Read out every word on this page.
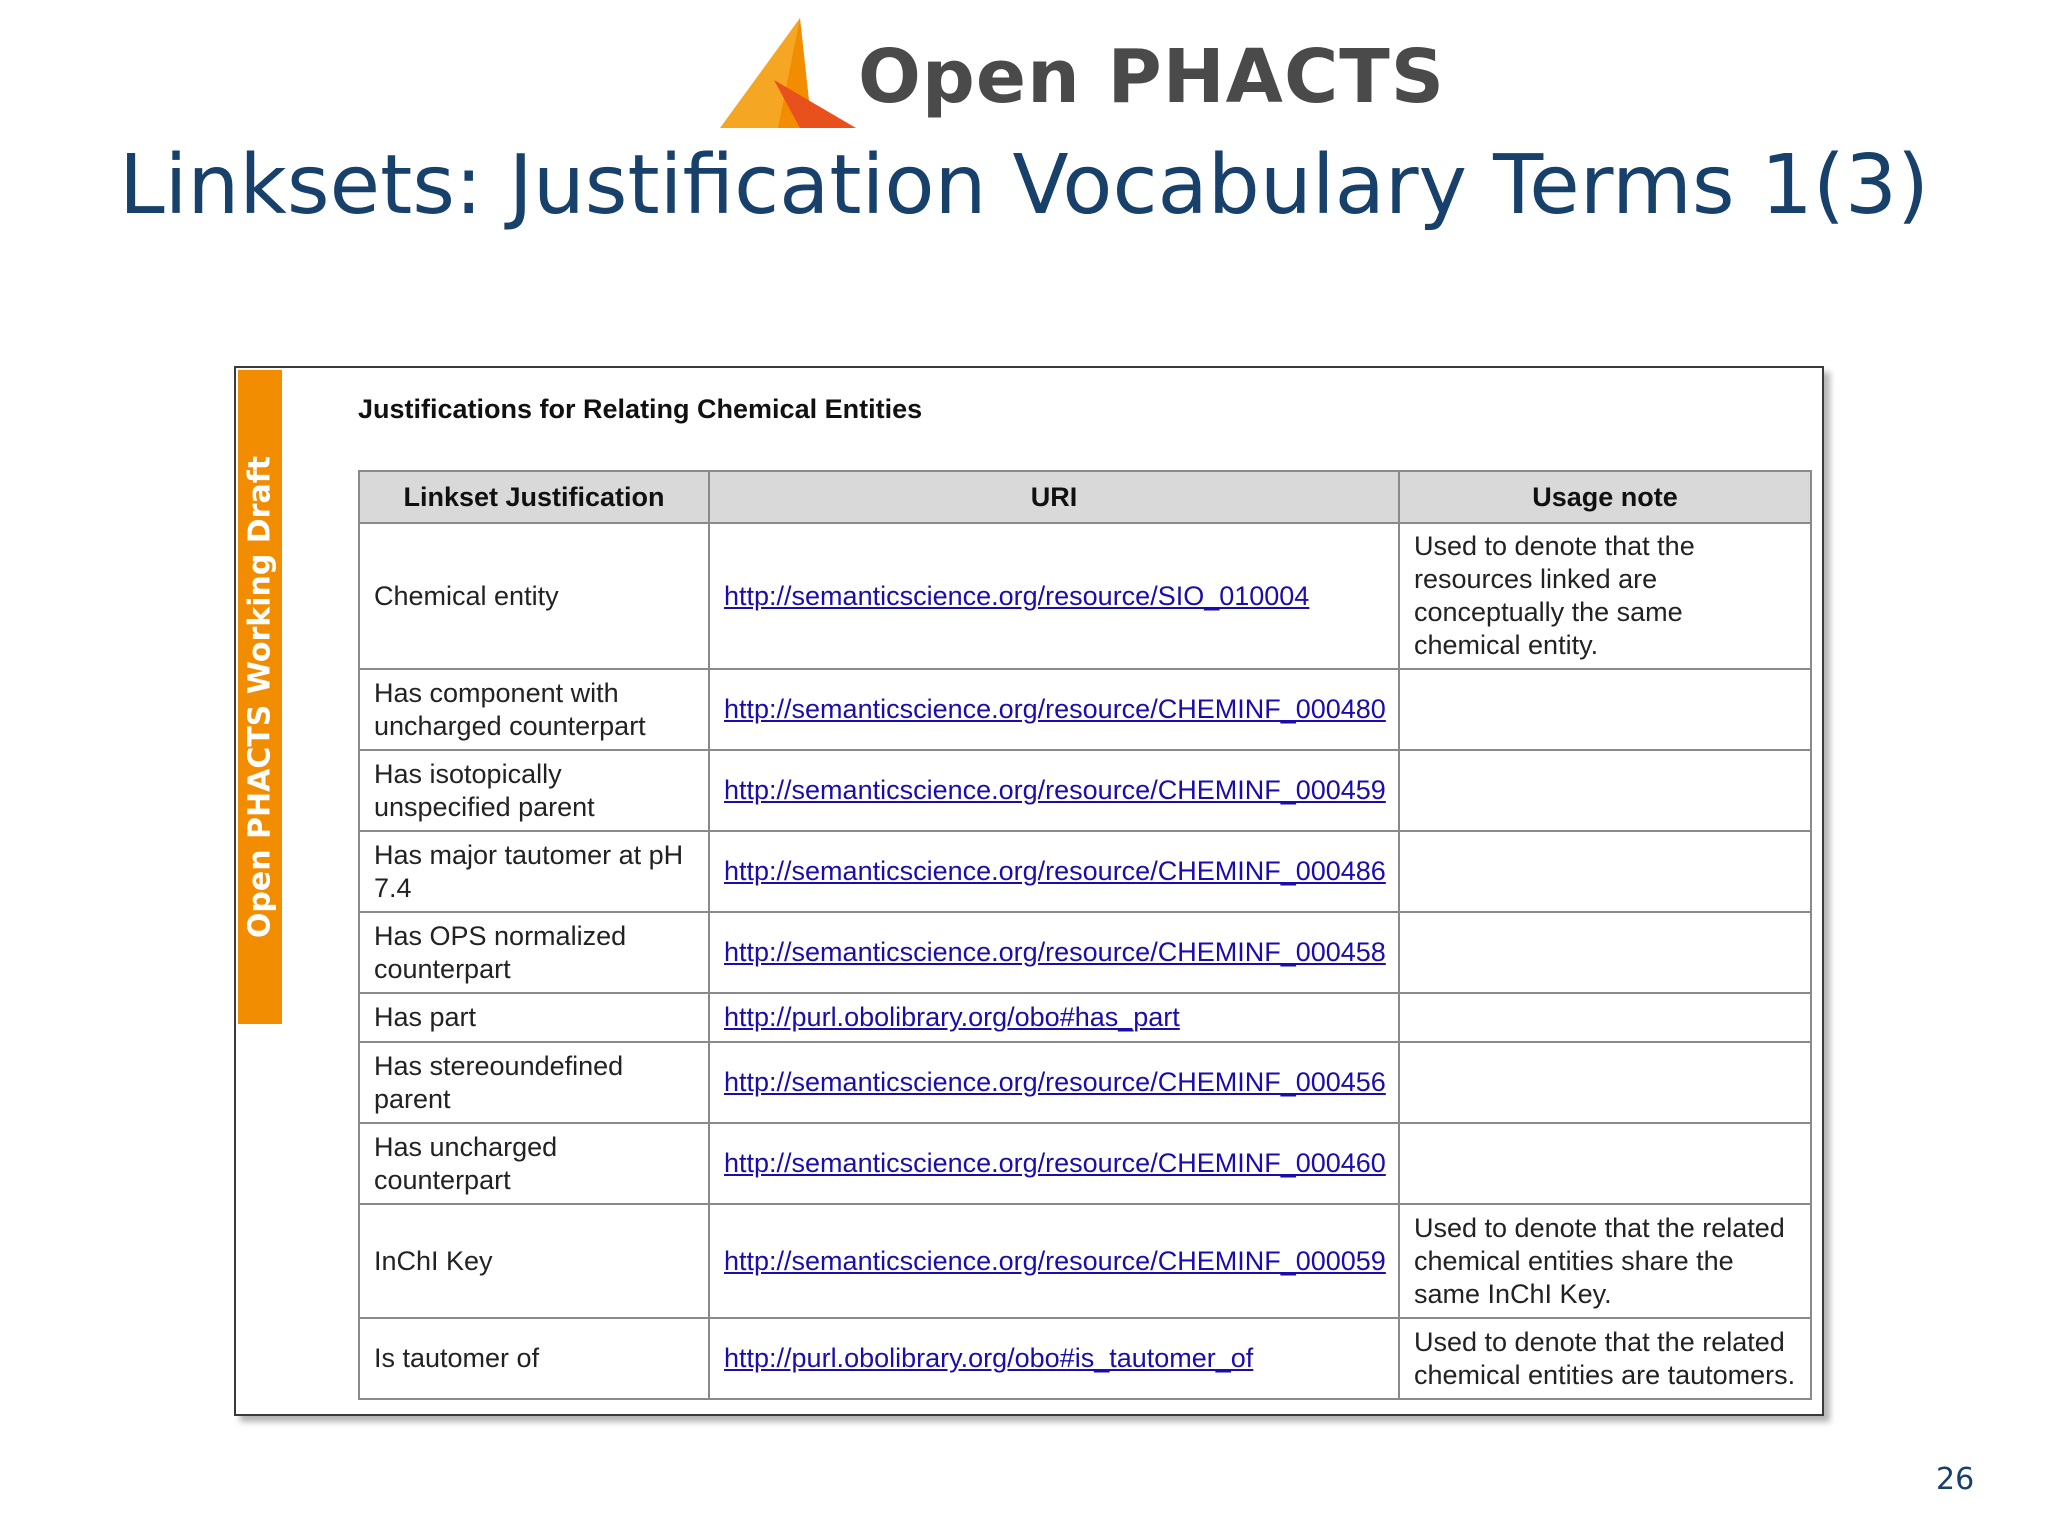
Open PHACTS
Linksets: Justification Vocabulary Terms 1(3)
Open PHACTS Working Draft
Justifications for Relating Chemical Entities
Linkset Justification	URI	Usage note
Chemical entity	http://semanticscience.org/resource/SIO_010004	Used to denote that the resources linked are conceptually the same chemical entity.
Has component with uncharged counterpart	http://semanticscience.org/resource/CHEMINF_000480	
Has isotopically unspecified parent	http://semanticscience.org/resource/CHEMINF_000459	
Has major tautomer at pH 7.4	http://semanticscience.org/resource/CHEMINF_000486	
Has OPS normalized counterpart	http://semanticscience.org/resource/CHEMINF_000458	
Has part	http://purl.obolibrary.org/obo#has_part	
Has stereoundefined parent	http://semanticscience.org/resource/CHEMINF_000456	
Has uncharged counterpart	http://semanticscience.org/resource/CHEMINF_000460	
InChI Key	http://semanticscience.org/resource/CHEMINF_000059	Used to denote that the related chemical entities share the same InChI Key.
Is tautomer of	http://purl.obolibrary.org/obo#is_tautomer_of	Used to denote that the related chemical entities are tautomers.
26
